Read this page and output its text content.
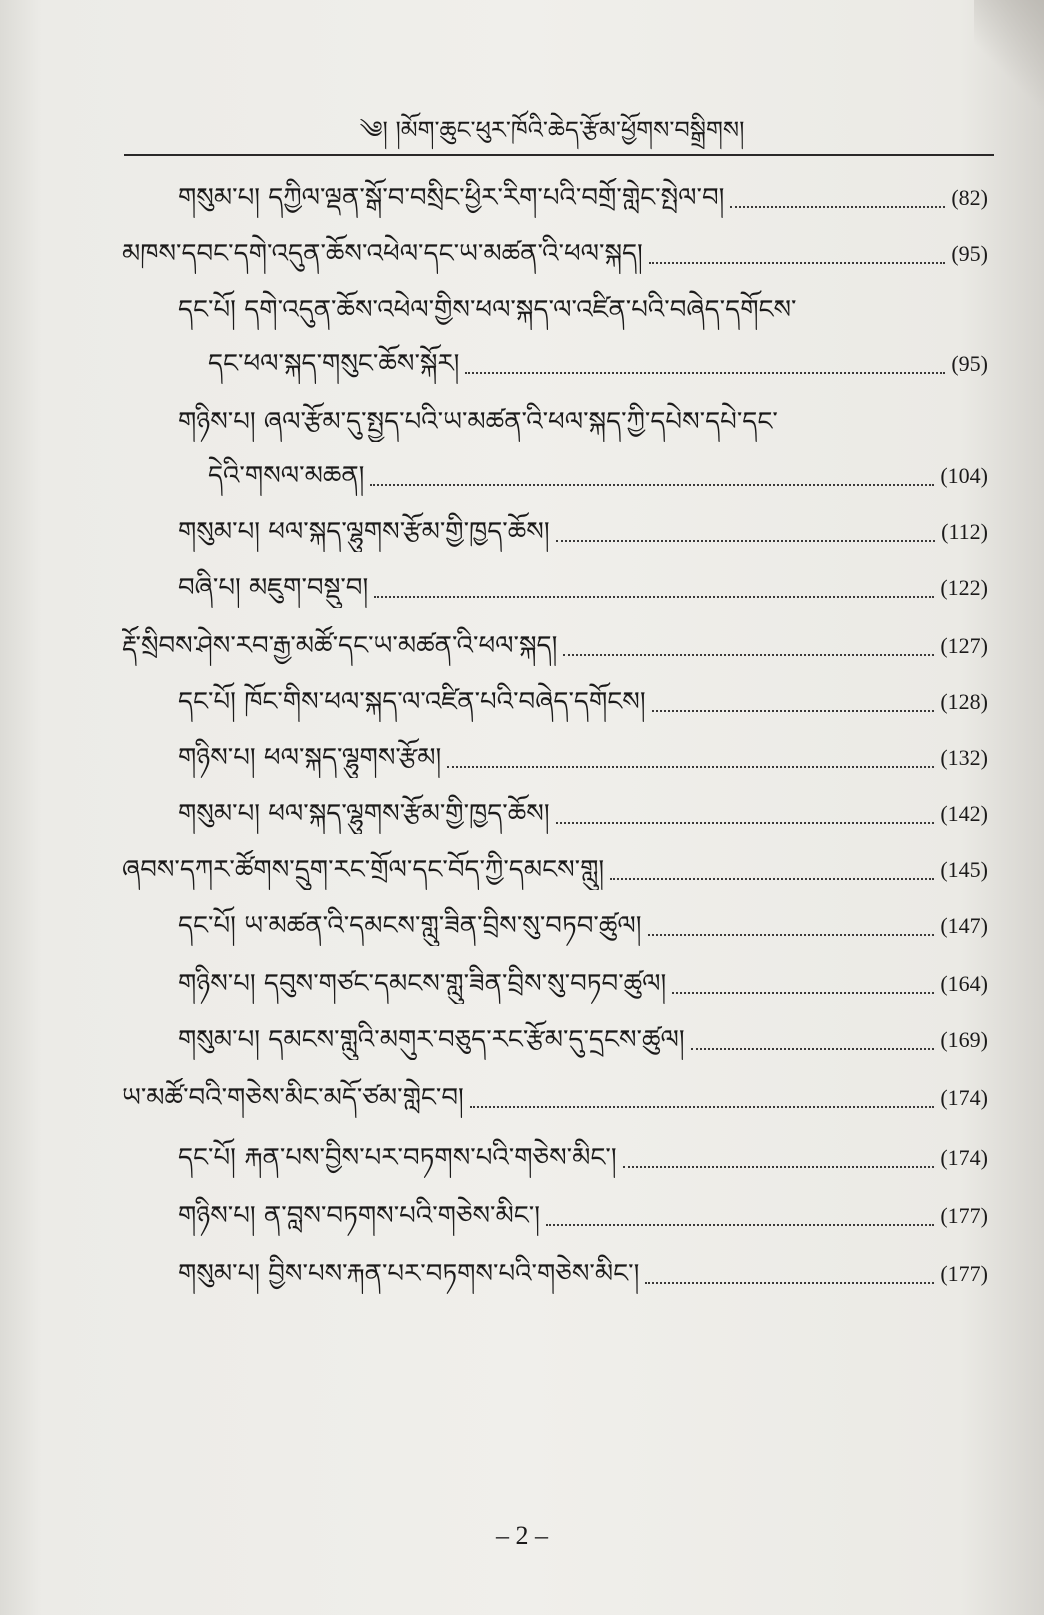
༄། །མོག་ཆུང་ཕུར་ཁོའི་ཆེད་རྩོམ་ཕྱོགས་བསྒྲིགས།
གསུམ་པ། དཀྱིལ་ལྡན་སྒོ་བ་བསྲིང་ཕྱིར་རིག་པའི་བགྲོ་གླེང་སྤེལ་བ།	(82)
མཁས་དབང་དགེ་འདུན་ཆོས་འཕེལ་དང་ཡ་མཚན་འི་ཕལ་སྐད།	(95)
དང་པོ། དགེ་འདུན་ཆོས་འཕེལ་གྱིས་ཕལ་སྐད་ལ་འཛིན་པའི་བཞེད་དགོངས་
དང་ཕལ་སྐད་གསུང་ཆོས་སྐོར།	(95)
གཉིས་པ། ཞལ་རྩོམ་དུ་སྤྱད་པའི་ཡ་མཚན་འི་ཕལ་སྐད་ཀྱི་དཔེས་དཔེ་དང་
དེའི་གསལ་མཆན།	(104)
གསུམ་པ། ཕལ་སྐད་ལྷུགས་རྩོམ་གྱི་ཁྱད་ཆོས།	(112)
བཞི་པ། མཇུག་བསྡུ་བ།	(122)
རྡོ་སྲིབས་ཤེས་རབ་རྒྱ་མཚོ་དང་ཡ་མཚན་འི་ཕལ་སྐད།	(127)
དང་པོ། ཁོང་གིས་ཕལ་སྐད་ལ་འཛིན་པའི་བཞེད་དགོངས།	(128)
གཉིས་པ། ཕལ་སྐད་ལྷུགས་རྩོམ།	(132)
གསུམ་པ། ཕལ་སྐད་ལྷུགས་རྩོམ་གྱི་ཁྱད་ཆོས།	(142)
ཞབས་དཀར་ཚོགས་དྲུག་རང་གྲོལ་དང་བོད་ཀྱི་དམངས་གླུ།	(145)
དང་པོ། ཡ་མཚན་འི་དམངས་གླུ་ཟིན་བྲིས་སུ་བཏབ་ཚུལ།	(147)
གཉིས་པ། དབུས་གཙང་དམངས་གླུ་ཟིན་བྲིས་སུ་བཏབ་ཚུལ།	(164)
གསུམ་པ། དམངས་གླུའི་མགུར་བཅུད་རང་རྩོམ་དུ་དྲངས་ཚུལ།	(169)
ཡ་མཚོ་བའི་གཅེས་མིང་མདོ་ཙམ་གླེང་བ།	(174)
དང་པོ། རྐན་པས་བྱིས་པར་བཏགས་པའི་གཅེས་མིང་།	(174)
གཉིས་པ། ན་བླས་བཏགས་པའི་གཅེས་མིང་།	(177)
གསུམ་པ། བྱིས་པས་རྐན་པར་བཏགས་པའི་གཅེས་མིང་།	(177)
– 2 –
